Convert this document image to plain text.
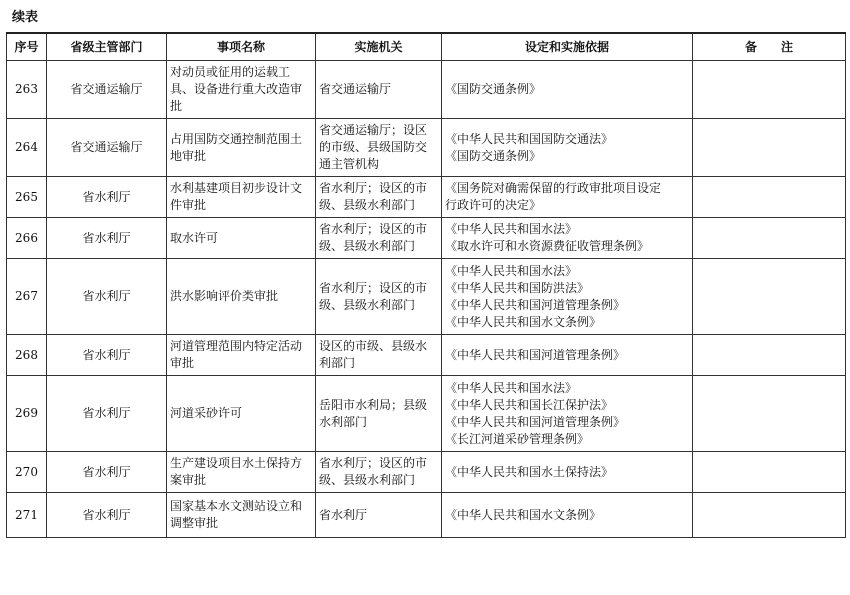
续表
序号	省级主管部门	事项名称	实施机关	设定和实施依据	备　　注
263	省交通运输厅	对动员或征用的运载工具、设备进行重大改造审批	省交通运输厅	《国防交通条例》	

264	省交通运输厅	占用国防交通控制范围土地审批	省交通运输厅；设区的市级、县级国防交通主管机构	《中华人民共和国国防交通法》
《国防交通条例》	

265	省水利厅	水利基建项目初步设计文件审批	省水利厅；设区的市级、县级水利部门	《国务院对确需保留的行政审批项目设定
行政许可的决定》	

266	省水利厅	取水许可	省水利厅；设区的市级、县级水利部门	《中华人民共和国水法》
《取水许可和水资源费征收管理条例》	

267	省水利厅	洪水影响评价类审批	省水利厅；设区的市级、县级水利部门	《中华人民共和国水法》
《中华人民共和国防洪法》
《中华人民共和国河道管理条例》
《中华人民共和国水文条例》	

268	省水利厅	河道管理范围内特定活动审批	设区的市级、县级水利部门	《中华人民共和国河道管理条例》	

269	省水利厅	河道采砂许可	岳阳市水利局；县级水利部门	《中华人民共和国水法》
《中华人民共和国长江保护法》
《中华人民共和国河道管理条例》
《长江河道采砂管理条例》	

270	省水利厅	生产建设项目水土保持方案审批	省水利厅；设区的市级、县级水利部门	《中华人民共和国水土保持法》	

271	省水利厅	国家基本水文测站设立和调整审批	省水利厅	《中华人民共和国水文条例》	
